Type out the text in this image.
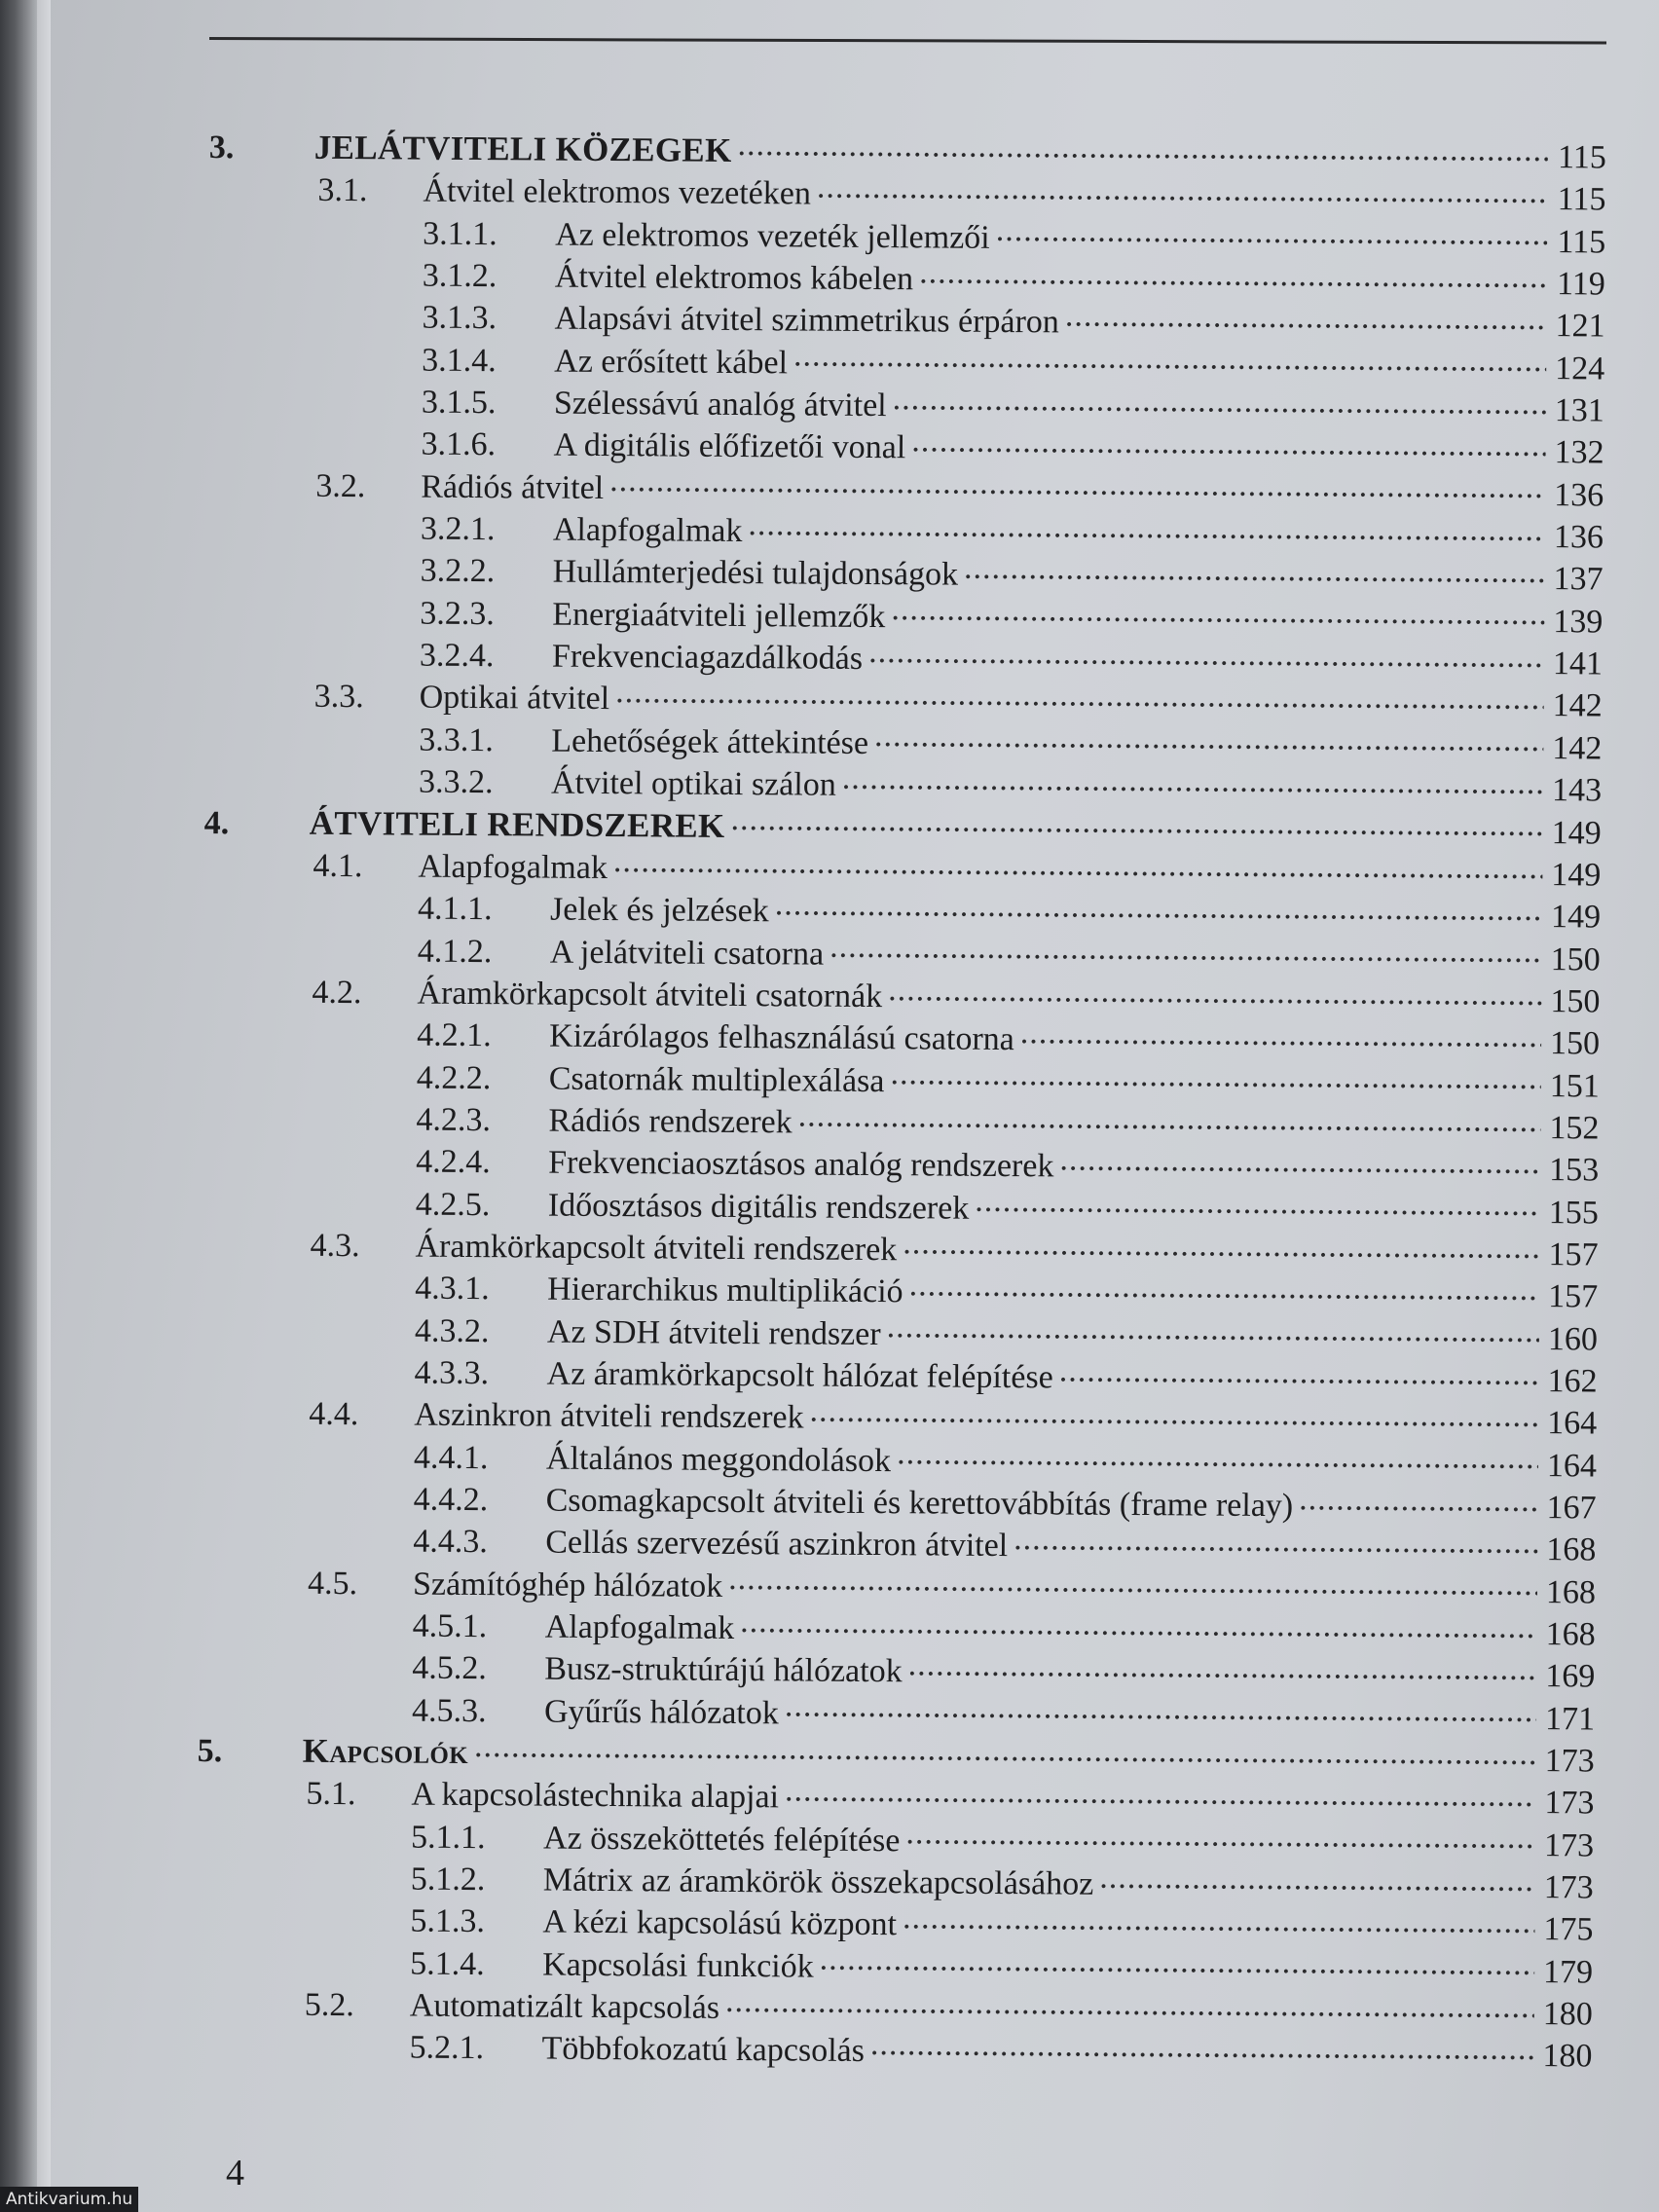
3.	JELÁTVITELI KÖZEGEK .....	115
3.1.	Átvitel elektromos vezetéken .....	115
3.1.1.	Az elektromos vezeték jellemzői .....	115
3.1.2.	Átvitel elektromos kábelen .....	119
3.1.3.	Alapsávi átvitel szimmetrikus érpáron .....	121
3.1.4.	Az erősített kábel .....	124
3.1.5.	Szélessávú analóg átvitel .....	131
3.1.6.	A digitális előfizetői vonal .....	132
3.2.	Rádiós átvitel .....	136
3.2.1.	Alapfogalmak .....	136
3.2.2.	Hullámterjedési tulajdonságok .....	137
3.2.3.	Energiaátviteli jellemzők .....	139
3.2.4.	Frekvenciagazdálkodás .....	141
3.3.	Optikai átvitel .....	142
3.3.1.	Lehetőségek áttekintése .....	142
3.3.2.	Átvitel optikai szálon .....	143
4.	ÁTVITELI RENDSZEREK .....	149
4.1.	Alapfogalmak .....	149
4.1.1.	Jelek és jelzések .....	149
4.1.2.	A jelátviteli csatorna .....	150
4.2.	Áramkörkapcsolt átviteli csatornák .....	150
4.2.1.	Kizárólagos felhasználású csatorna .....	150
4.2.2.	Csatornák multiplexálása .....	151
4.2.3.	Rádiós rendszerek .....	152
4.2.4.	Frekvenciaosztásos analóg rendszerek .....	153
4.2.5.	Időosztásos digitális rendszerek .....	155
4.3.	Áramkörkapcsolt átviteli rendszerek .....	157
4.3.1.	Hierarchikus multiplikáció .....	157
4.3.2.	Az SDH átviteli rendszer .....	160
4.3.3.	Az áramkörkapcsolt hálózat felépítése .....	162
4.4.	Aszinkron átviteli rendszerek .....	164
4.4.1.	Általános meggondolások .....	164
4.4.2.	Csomagkapcsolt átviteli és kerettovábbítás (frame relay) .....	167
4.4.3.	Cellás szervezésű aszinkron átvitel .....	168
4.5.	Számítóghép hálózatok .....	168
4.5.1.	Alapfogalmak .....	168
4.5.2.	Busz-struktúrájú hálózatok .....	169
4.5.3.	Gyűrűs hálózatok .....	171
5.	Kapcsolók .....	173
5.1.	A kapcsolástechnika alapjai .....	173
5.1.1.	Az összeköttetés felépítése .....	173
5.1.2.	Mátrix az áramkörök összekapcsolásához .....	173
5.1.3.	A kézi kapcsolású központ .....	175
5.1.4.	Kapcsolási funkciók .....	179
5.2.	Automatizált kapcsolás .....	180
5.2.1.	Többfokozatú kapcsolás .....	180
4
Antikvarium.hu
